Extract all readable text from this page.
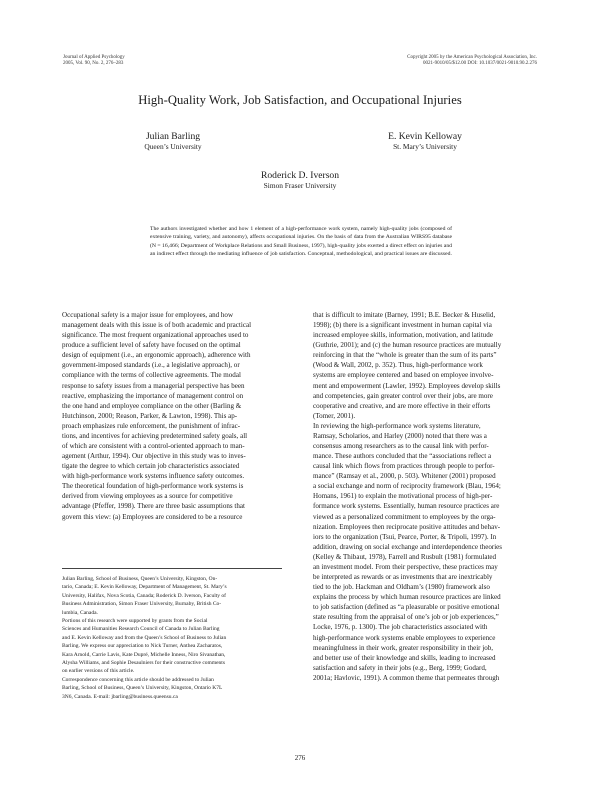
Journal of Applied Psychology
2005, Vol. 90, No. 2, 276–283
Copyright 2005 by the American Psychological Association, Inc.
0021-9010/05/$12.00 DOI: 10.1037/0021-9010.90.2.276
High-Quality Work, Job Satisfaction, and Occupational Injuries
Julian Barling
Queen’s University
E. Kevin Kelloway
St. Mary’s University
Roderick D. Iverson
Simon Fraser University
The authors investigated whether and how 1 element of a high-performance work system, namely high-quality jobs (composed of extensive training, variety, and autonomy), affects occupational injuries. On the basis of data from the Australian WIRS95 database (N = 16,466; Department of Workplace Relations and Small Business, 1997), high-quality jobs exerted a direct effect on injuries and an indirect effect through the mediating influence of job satisfaction. Conceptual, methodological, and practical issues are discussed.
Occupational safety is a major issue for employees, and how
management deals with this issue is of both academic and practical
significance. The most frequent organizational approaches used to
produce a sufficient level of safety have focused on the optimal
design of equipment (i.e., an ergonomic approach), adherence with
government-imposed standards (i.e., a legislative approach), or
compliance with the terms of collective agreements. The modal
response to safety issues from a managerial perspective has been
reactive, emphasizing the importance of management control on
the one hand and employee compliance on the other (Barling &
Hutchinson, 2000; Reason, Parker, & Lawton, 1998). This ap-
proach emphasizes rule enforcement, the punishment of infrac-
tions, and incentives for achieving predetermined safety goals, all
of which are consistent with a control-oriented approach to man-
agement (Arthur, 1994). Our objective in this study was to inves-
tigate the degree to which certain job characteristics associated
with high-performance work systems influence safety outcomes.
The theoretical foundation of high-performance work systems is
derived from viewing employees as a source for competitive
advantage (Pfeffer, 1998). There are three basic assumptions that
govern this view: (a) Employees are considered to be a resource
that is difficult to imitate (Barney, 1991; B.E. Becker & Huselid,
1998); (b) there is a significant investment in human capital via
increased employee skills, information, motivation, and latitude
(Guthrie, 2001); and (c) the human resource practices are mutually
reinforcing in that the “whole is greater than the sum of its parts”
(Wood & Wall, 2002, p. 352). Thus, high-performance work
systems are employee centered and based on employee involve-
ment and empowerment (Lawler, 1992). Employees develop skills
and competencies, gain greater control over their jobs, are more
cooperative and creative, and are more effective in their efforts
(Tomer, 2001).
In reviewing the high-performance work systems literature,
Ramsay, Scholarios, and Harley (2000) noted that there was a
consensus among researchers as to the causal link with perfor-
mance. These authors concluded that the “associations reflect a
causal link which flows from practices through people to perfor-
mance” (Ramsay et al., 2000, p. 503). Whitener (2001) proposed
a social exchange and norm of reciprocity framework (Blau, 1964;
Homans, 1961) to explain the motivational process of high-per-
formance work systems. Essentially, human resource practices are
viewed as a personalized commitment to employees by the orga-
nization. Employees then reciprocate positive attitudes and behav-
iors to the organization (Tsui, Pearce, Porter, & Tripoli, 1997). In
addition, drawing on social exchange and interdependence theories
(Kelley & Thibaut, 1978), Farrell and Rusbult (1981) formulated
an investment model. From their perspective, these practices may
be interpreted as rewards or as investments that are inextricably
tied to the job. Hackman and Oldham’s (1980) framework also
explains the process by which human resource practices are linked
to job satisfaction (defined as “a pleasurable or positive emotional
state resulting from the appraisal of one’s job or job experiences,”
Locke, 1976, p. 1300). The job characteristics associated with
high-performance work systems enable employees to experience
meaningfulness in their work, greater responsibility in their job,
and better use of their knowledge and skills, leading to increased
satisfaction and safety in their jobs (e.g., Berg, 1999; Godard,
2001a; Havlovic, 1991). A common theme that permeates through
Julian Barling, School of Business, Queen’s University, Kingston, On-
tario, Canada; E. Kevin Kelloway, Department of Management, St. Mary’s
University, Halifax, Nova Scotia, Canada; Roderick D. Iverson, Faculty of
Business Administration, Simon Fraser University, Burnaby, British Co-
lumbia, Canada.
Portions of this research were supported by grants from the Social
Sciences and Humanities Research Council of Canada to Julian Barling
and E. Kevin Kelloway and from the Queen’s School of Business to Julian
Barling. We express our appreciation to Nick Turner, Anthea Zacharatos,
Kara Arnold, Carrie Lavis, Kate Dupré, Michelle Inness, Niro Sivanathan,
Alysha Williams, and Sophie Desaulniers for their constructive comments
on earlier versions of this article.
Correspondence concerning this article should be addressed to Julian
Barling, School of Business, Queen’s University, Kingston, Ontario K7L
3N6, Canada. E-mail: jbarling@business.queensu.ca
276
